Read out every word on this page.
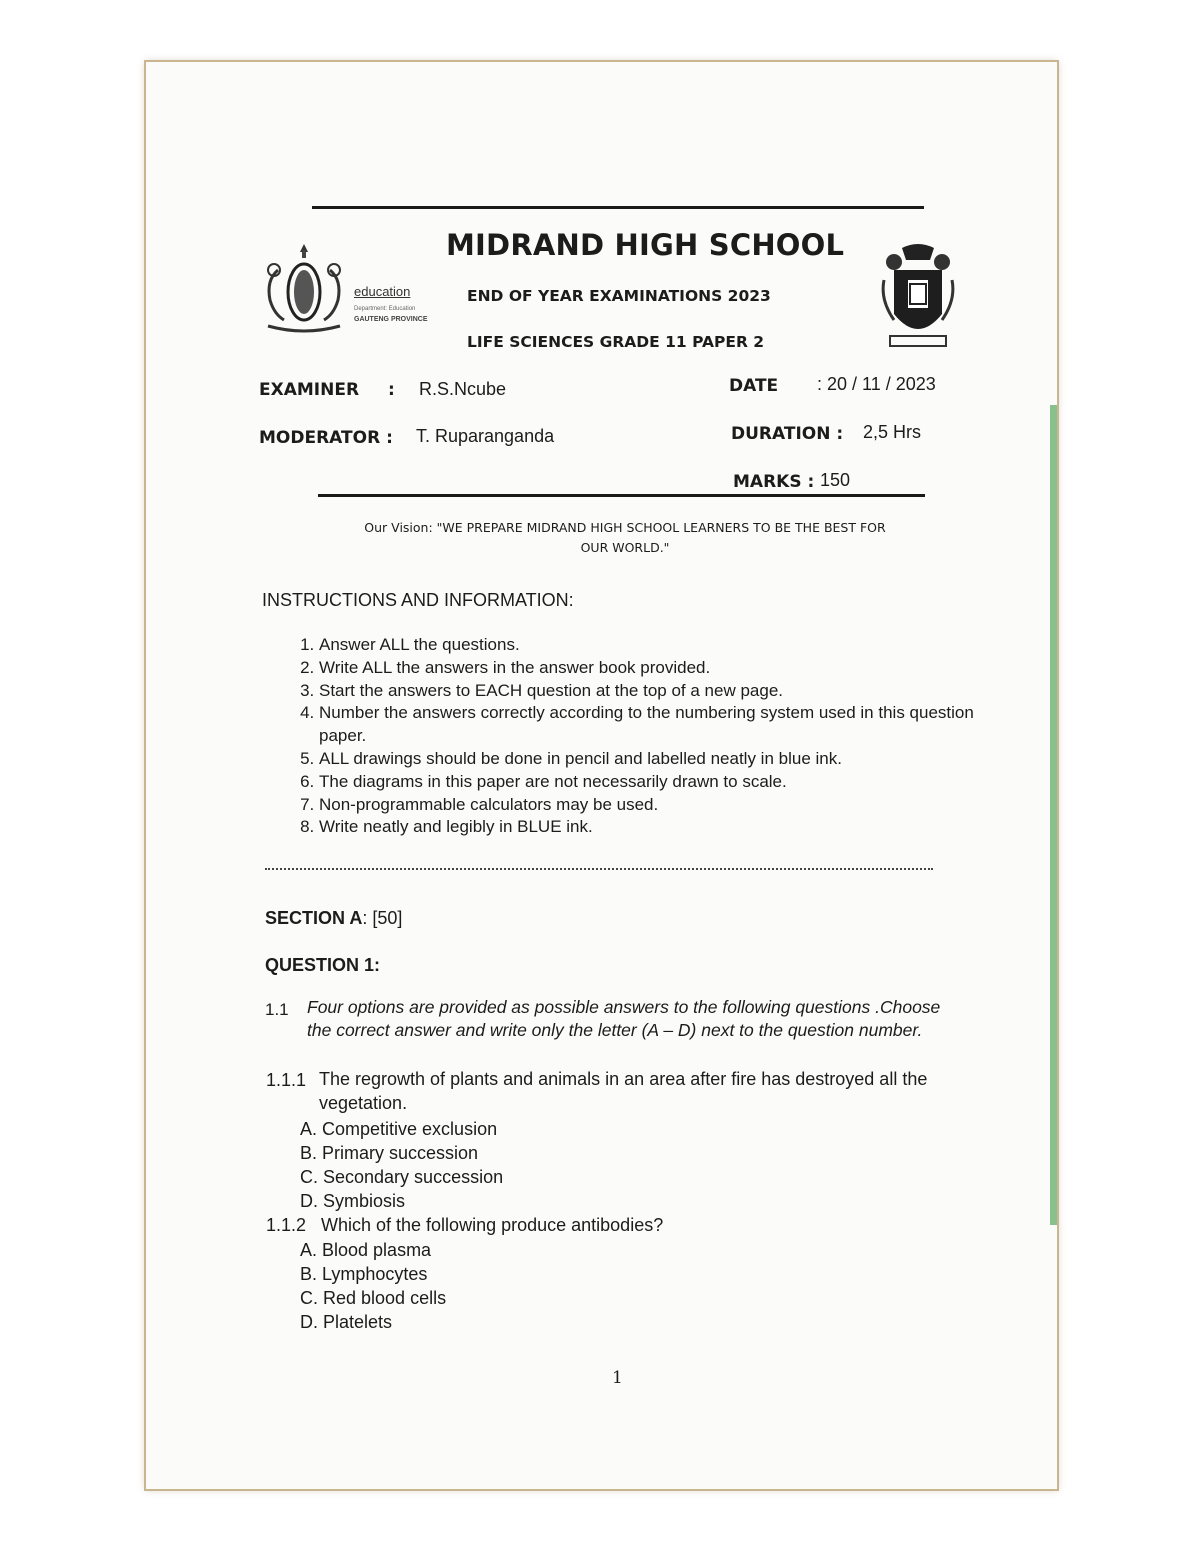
education
Department: Education
GAUTENG PROVINCE
MIDRAND HIGH SCHOOL
END OF YEAR EXAMINATIONS 2023
LIFE SCIENCES GRADE 11 PAPER 2
EXAMINER : R.S.Ncube
MODERATOR : T. Ruparanganda
DATE : 20 / 11 / 2023
DURATION : 2,5 Hrs
MARKS : 150
Our Vision: "WE PREPARE MIDRAND HIGH SCHOOL LEARNERS TO BE THE BEST FOR
OUR WORLD."
INSTRUCTIONS AND INFORMATION:
1. Answer ALL the questions.
2. Write ALL the answers in the answer book provided.
3. Start the answers to EACH question at the top of a new page.
4. Number the answers correctly according to the numbering system used in this question paper.
5. ALL drawings should be done in pencil and labelled neatly in blue ink.
6. The diagrams in this paper are not necessarily drawn to scale.
7. Non-programmable calculators may be used.
8. Write neatly and legibly in BLUE ink.
SECTION A: [50]
QUESTION 1:
1.1 Four options are provided as possible answers to the following questions .Choose the correct answer and write only the letter (A – D) next to the question number.
1.1.1 The regrowth of plants and animals in an area after fire has destroyed all the vegetation.
A. Competitive exclusion
B. Primary succession
C. Secondary succession
D. Symbiosis
1.1.2 Which of the following produce antibodies?
A. Blood plasma
B. Lymphocytes
C. Red blood cells
D. Platelets
1
